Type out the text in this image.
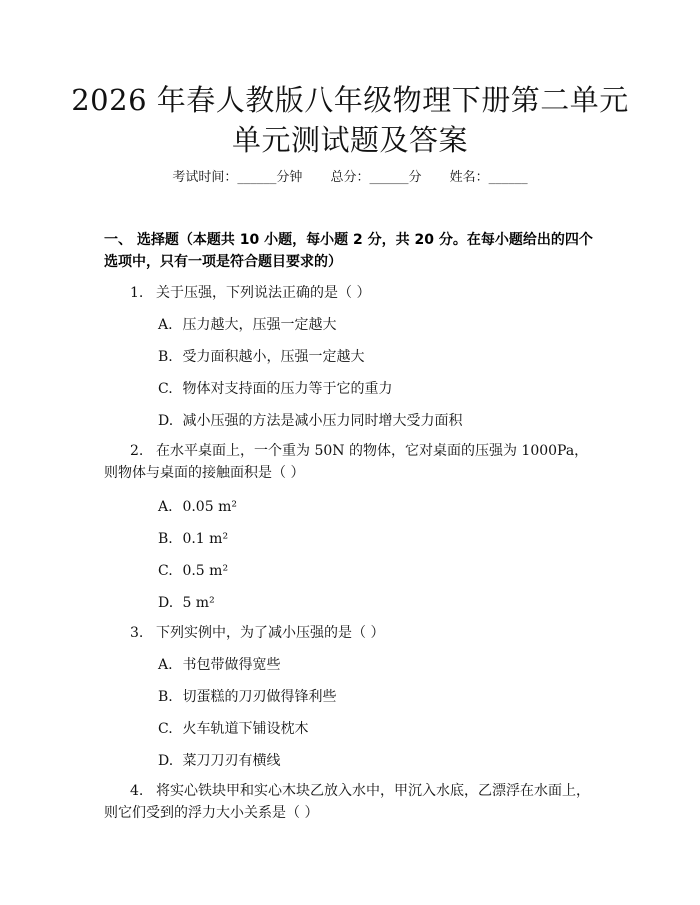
2026 年春人教版八年级物理下册第二单元单元测试题及答案
考试时间：______分钟 总分：______分 姓名：______
一、 选择题（本题共 10 小题，每小题 2 分，共 20 分。在每小题给出的四个选项中，只有一项是符合题目要求的）
1. 关于压强，下列说法正确的是（ ）
A. 压力越大，压强一定越大
B. 受力面积越小，压强一定越大
C. 物体对支持面的压力等于它的重力
D. 减小压强的方法是减小压力同时增大受力面积
2. 在水平桌面上，一个重为 50N 的物体，它对桌面的压强为 1000Pa，则物体与桌面的接触面积是（ ）
A. 0.05 m²
B. 0.1 m²
C. 0.5 m²
D. 5 m²
3. 下列实例中，为了减小压强的是（ ）
A. 书包带做得宽些
B. 切蛋糕的刀刃做得锋利些
C. 火车轨道下铺设枕木
D. 菜刀刀刃有横线
4. 将实心铁块甲和实心木块乙放入水中，甲沉入水底，乙漂浮在水面上，则它们受到的浮力大小关系是（ ）
